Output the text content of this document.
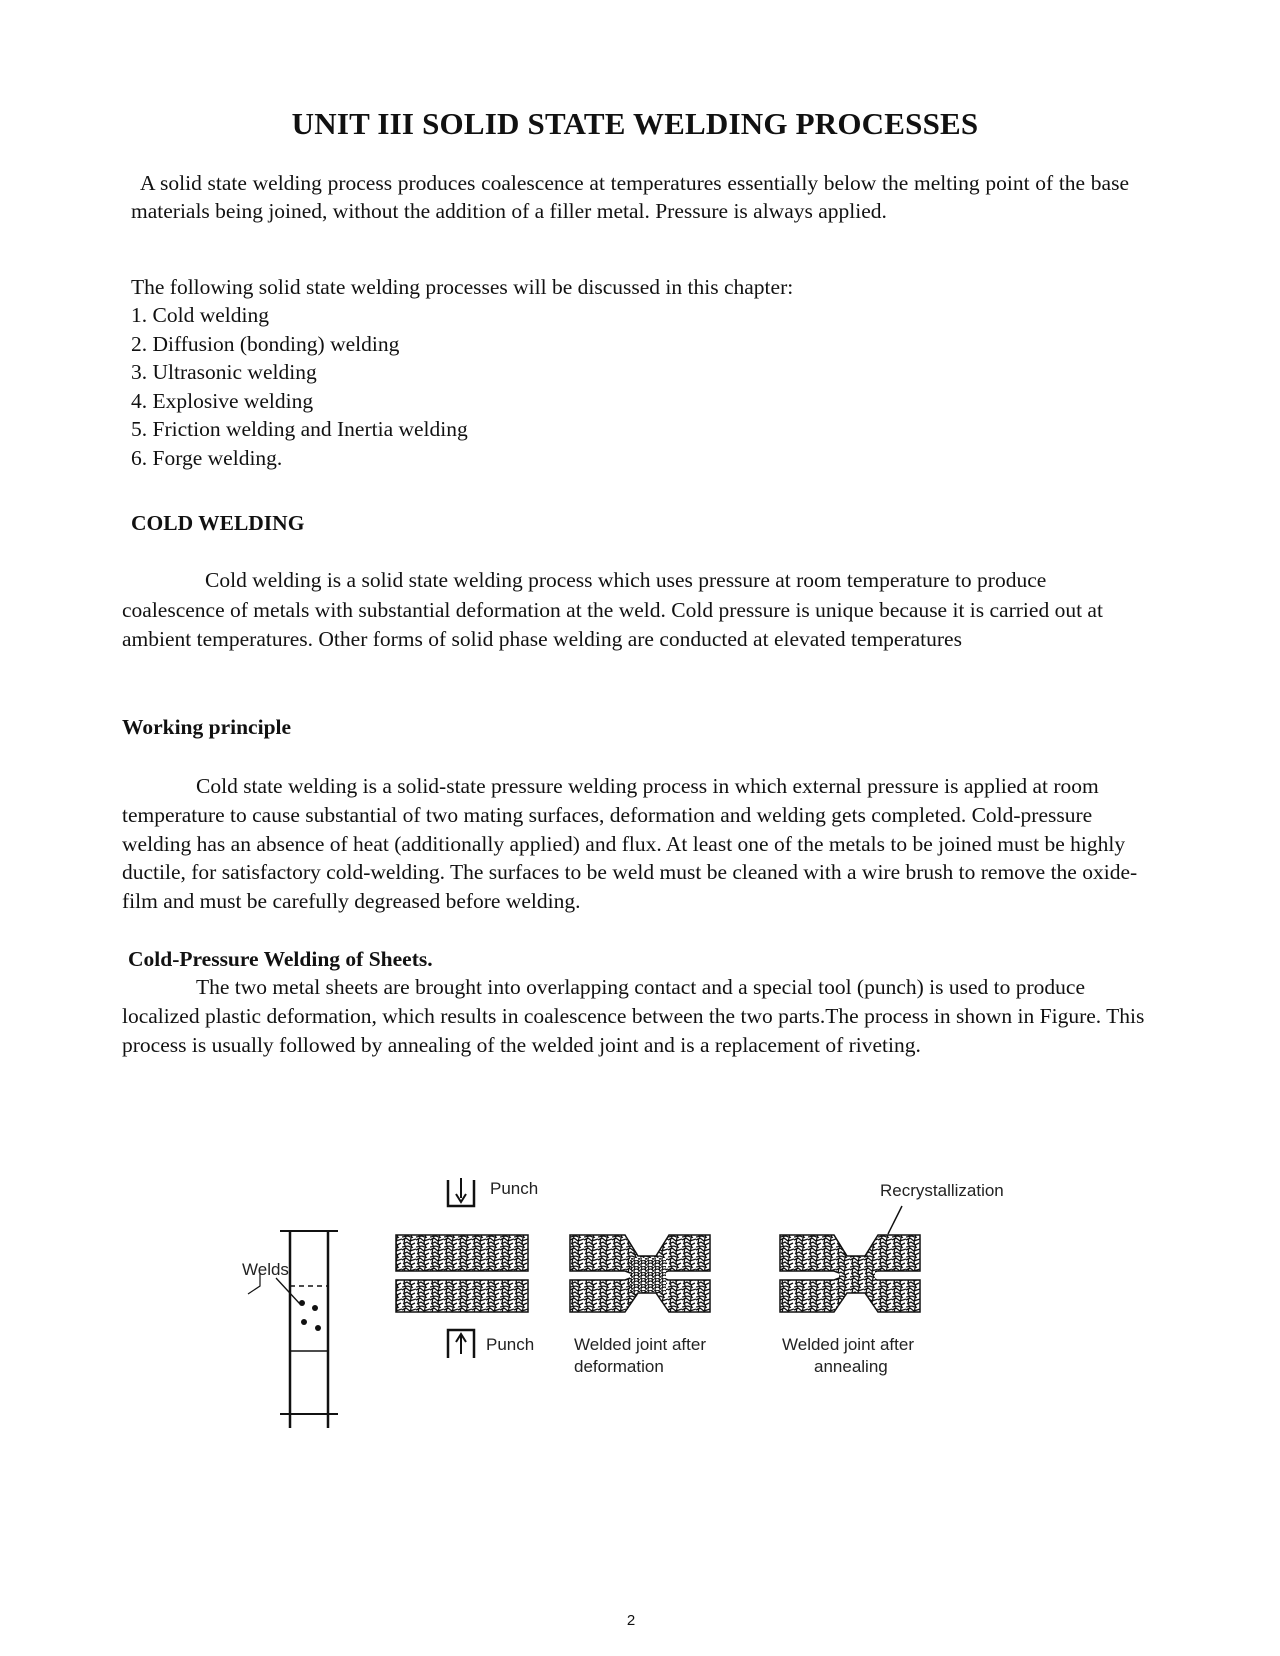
UNIT III SOLID STATE WELDING PROCESSES

A solid state welding process produces coalescence at temperatures essentially below the melting point of the base materials being joined, without the addition of a filler metal. Pressure is always applied.

The following solid state welding processes will be discussed in this chapter:

1. Cold welding
2. Diffusion (bonding) welding
3. Ultrasonic welding
4. Explosive welding
5. Friction welding and Inertia welding
6. Forge welding.
COLD WELDING

Cold welding is a solid state welding process which uses pressure at room temperature to produce coalescence of metals with substantial deformation at the weld. Cold pressure is unique because it is carried out at ambient temperatures. Other forms of solid phase welding are conducted at elevated temperatures

Working principle

Cold state welding is a solid-state pressure welding process in which external pressure is applied at room temperature to cause substantial of two mating surfaces, deformation and welding gets completed. Cold-pressure welding has an absence of heat (additionally applied) and flux. At least one of the metals to be joined must be highly ductile, for satisfactory cold-welding. The surfaces to be weld must be cleaned with a wire brush to remove the oxide-film and must be carefully degreased before welding.

Cold-Pressure Welding of Sheets.

The two metal sheets are brought into overlapping contact and a special tool (punch) is used to produce localized plastic deformation, which results in coalescence between the two parts.The process in shown in Figure. This process is usually followed by annealing of the welded joint and is a replacement of riveting.

Welds
Punch
Punch Welded joint after
deformation
Recrystallization
Welded joint after
annealing
2
